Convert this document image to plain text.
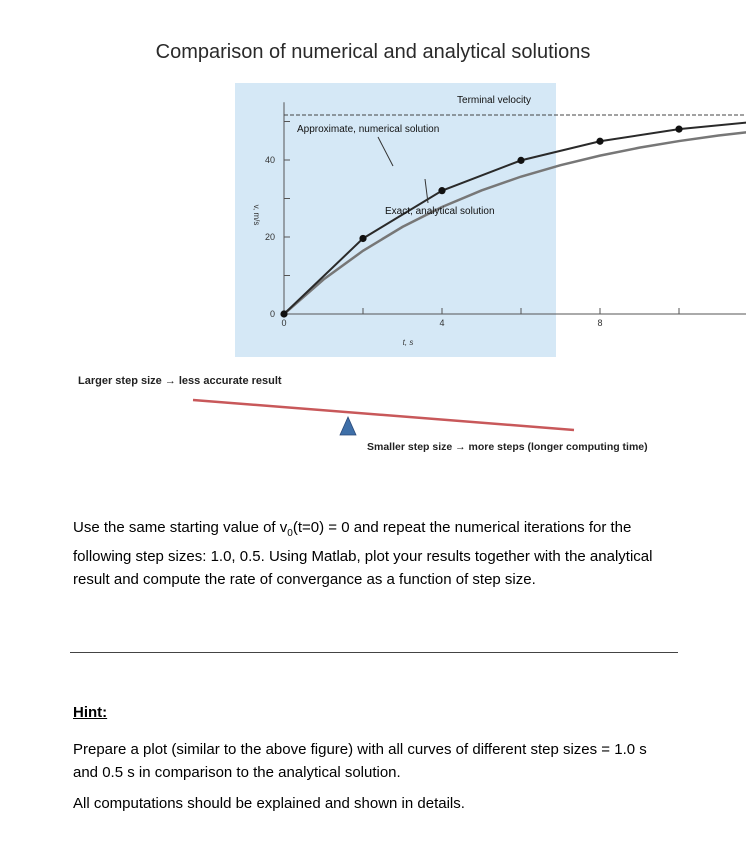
Comparison of numerical and analytical solutions
0
20
40
0	4	8
v, m/s
t, s
Terminal velocity
Approximate, numerical solution
Exact, analytical solution
Larger step size → less accurate result
Smaller step size → more steps (longer computing time)
Use the same starting value of $v_0(t=0) = 0$ and repeat the numerical iterations for the following step sizes: 1.0, 0.5. Using Matlab, plot your results together with the analytical result and compute the rate of convergance as a function of step size.
Hint:
Prepare a plot (similar to the above figure) with all curves of different step sizes = 1.0 s and 0.5 s in comparison to the analytical solution.
All computations should be explained and shown in details.
